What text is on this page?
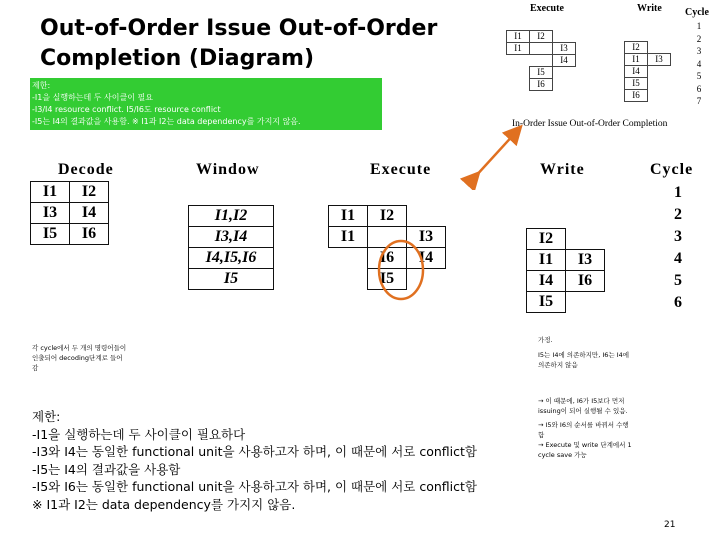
Out-of-Order Issue Out-of-Order Completion (Diagram)
제한:
-I1을 실행하는데 두 사이클이 필요
-I3/I4 resource conflict. I5/I6도 resource conflict
-I5는 I4의 결과값을 사용함. ※ I1과 I2는 data dependency를 가지지 않음.
Execute	Write Cycle
I1	I2	
I1		I3
		I4
	I5	
	I6	

I2	
I1	I3
I4	
I5	
I6	
1
2
3
4
5
6
7
In-Order Issue Out-of-Order Completion
Decode	Window	Execute	Write	Cycle
I1	I2
I3	I4
I5	I6
I1,I2
I3,I4
I4,I5,I6
I5
I1	I2	
I1		I3
	I6	I4
	I5	
I2	
I1	I3
I4	I6
I5	
1
2
3
4
5
6
각 cycle에서 두 개의 명령어들이
인출되어 decoding단계로 들어
감
가정.
I5는 I4에 의존하지만, I6는 I4에
의존하지 않음
→ 이 때문에, I6가 I5보다 먼저
issuing이 되어 실행될 수 있음.
→ I5와 I6의 순서를 바꿔서 수행
함
→ Execute 및 write 단계에서 1
cycle save 가능
제한:
-I1을 실행하는데 두 사이클이 필요하다
-I3와 I4는 동일한 functional unit을 사용하고자 하며, 이 때문에 서로 conflict함
-I5는 I4의 결과값을 사용함
-I5와 I6는 동일한 functional unit을 사용하고자 하며, 이 때문에 서로 conflict함
※ I1과 I2는 data dependency를 가지지 않음.
21
